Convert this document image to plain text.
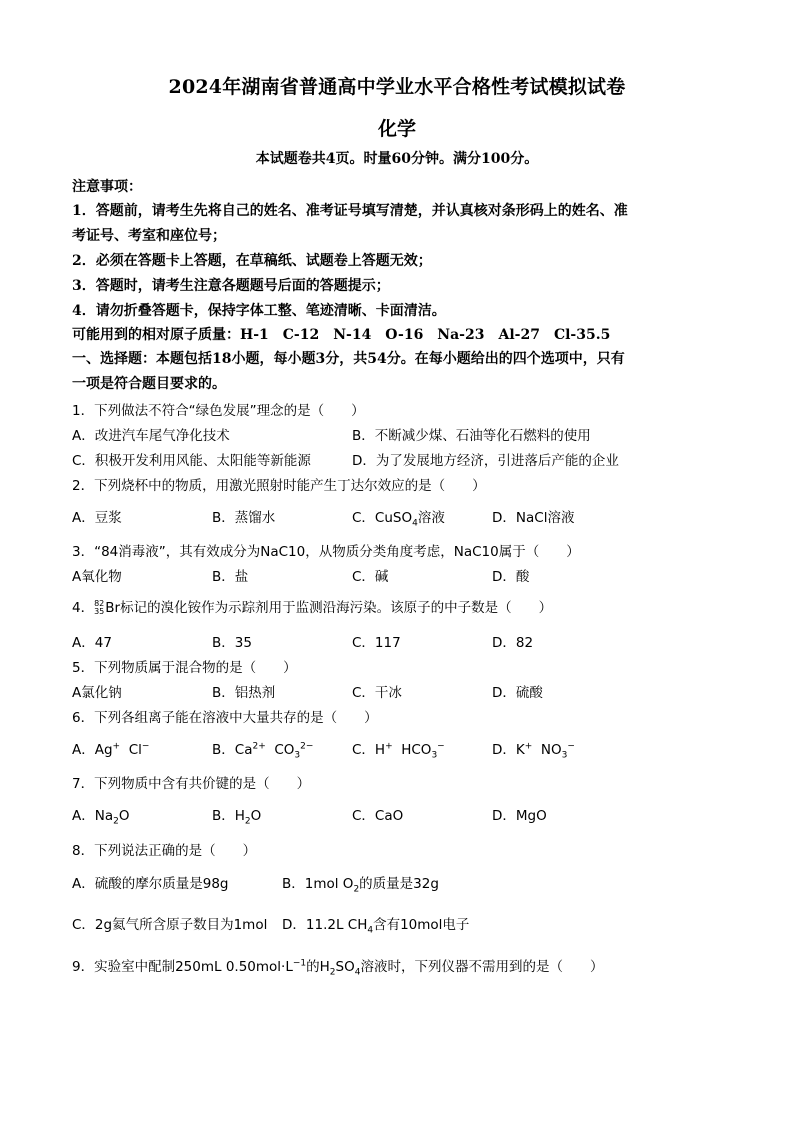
2024年湖南省普通高中学业水平合格性考试模拟试卷
化学
本试题卷共4页。时量60分钟。满分100分。
注意事项：
1．答题前，请考生先将自己的姓名、准考证号填写清楚，并认真核对条形码上的姓名、准
考证号、考室和座位号；
2．必须在答题卡上答题，在草稿纸、试题卷上答题无效；
3．答题时，请考生注意各题题号后面的答题提示；
4．请勿折叠答题卡，保持字体工整、笔迹清晰、卡面清洁。
可能用到的相对原子质量：H-1　C-12　N-14　O-16　Na-23　Al-27　Cl-35.5
一、选择题：本题包括18小题，每小题3分，共54分。在每小题给出的四个选项中，只有
一项是符合题目要求的。
1．下列做法不符合“绿色发展”理念的是（　　）
A．改进汽车尾气净化技术	B．不断减少煤、石油等化石燃料的使用
C．积极开发利用风能、太阳能等新能源	D．为了发展地方经济，引进落后产能的企业
2．下列烧杯中的物质，用激光照射时能产生丁达尔效应的是（　　）
A．豆浆	B．蒸馏水	C．CuSO$_4$溶液	D．NaCl溶液
3．“84消毒液”，其有效成分为NaC10，从物质分类角度考虑，NaC10属于（　　）
A氧化物	B．盐	C．碱	D．酸
4． 82
35 Br标记的溴化铵作为示踪剂用于监测沿海污染。该原子的中子数是（　　）
A．47	B．35	C．117	D．82
5．下列物质属于混合物的是（　　）
A氯化钠	B．铝热剂	C．干冰	D．硫酸
6．下列各组离子能在溶液中大量共存的是（　　）
A．Ag+ Cl−	B．$Ca^{2+}$ $CO_3^{2-}$	C．H+ $HCO_3^-$	D．K+ $NO_3^-$
7．下列物质中含有共价键的是（　　）
A．$Na_2O$	B．$H_2O$	C．CaO	D．MgO
8．下列说法正确的是（　　）
A．硫酸的摩尔质量是98g	B．1mol $O_2$的质量是32g
C．2g氦气所含原子数目为1mol D．11.2L $CH_4$含有10mol电子
9．实验室中配制250mL $0.50mol\cdot L^{-1}$的$H_2SO_4$溶液时，下列仪器不需用到的是（　　）
